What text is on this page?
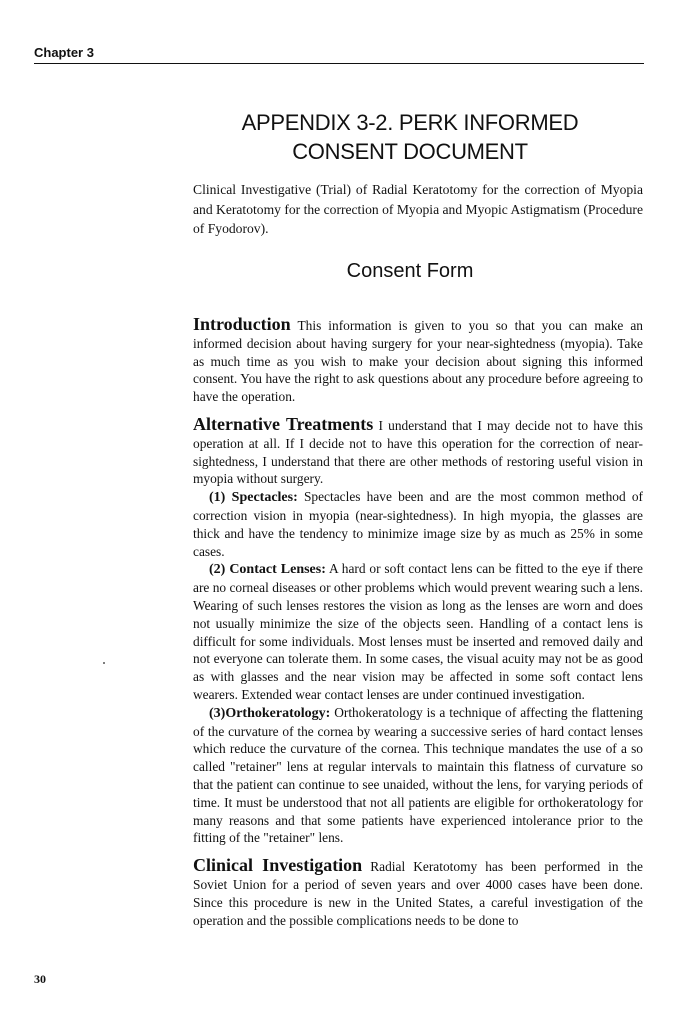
Chapter 3
APPENDIX 3-2. PERK INFORMED CONSENT DOCUMENT
Clinical Investigative (Trial) of Radial Keratotomy for the correction of Myopia and Keratotomy for the correction of Myopia and Myopic Astigmatism (Procedure of Fyodorov).
Consent Form

Introduction This information is given to you so that you can make an informed decision about having surgery for your near-sightedness (myopia). Take as much time as you wish to make your decision about signing this informed consent. You have the right to ask questions about any procedure before agreeing to have the operation.

Alternative Treatments I understand that I may decide not to have this operation at all. If I decide not to have this operation for the correction of near-sightedness, I understand that there are other methods of restoring useful vision in myopia without surgery.

(1) Spectacles: Spectacles have been and are the most common method of correction vision in myopia (near-sightedness). In high myopia, the glasses are thick and have the tendency to minimize image size by as much as 25% in some cases.

(2) Contact Lenses: A hard or soft contact lens can be fitted to the eye if there are no corneal diseases or other problems which would prevent wearing such a lens. Wearing of such lenses restores the vision as long as the lenses are worn and does not usually minimize the size of the objects seen. Handling of a contact lens is difficult for some individuals. Most lenses must be inserted and removed daily and not everyone can tolerate them. In some cases, the visual acuity may not be as good as with glasses and the near vision may be affected in some soft contact lens wearers. Extended wear contact lenses are under continued investigation.

(3)Orthokeratology: Orthokeratology is a technique of affecting the flattening of the curvature of the cornea by wearing a successive series of hard contact lenses which reduce the curvature of the cornea. This technique mandates the use of a so called "retainer" lens at regular intervals to maintain this flatness of curvature so that the patient can continue to see unaided, without the lens, for varying periods of time. It must be understood that not all patients are eligible for orthokeratology for many reasons and that some patients have experienced intolerance prior to the fitting of the "retainer" lens.

Clinical Investigation Radial Keratotomy has been performed in the Soviet Union for a period of seven years and over 4000 cases have been done. Since this procedure is new in the United States, a careful investigation of the operation and the possible complications needs to be done to

30
